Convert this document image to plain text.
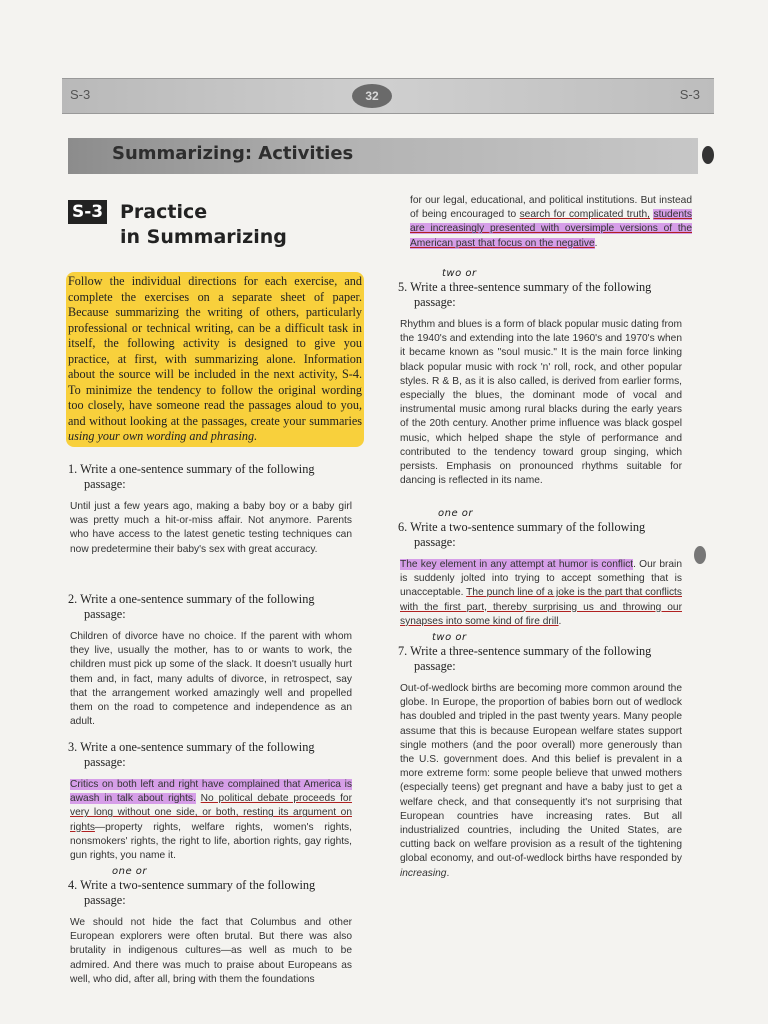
S-3	S-3
32
Summarizing: Activities
S-3 Practice
in Summarizing
Follow the individual directions for each exercise, and complete the exercises on a separate sheet of paper. Because summarizing the writing of others, particularly professional or technical writing, can be a difficult task in itself, the following activity is designed to give you practice, at first, with summarizing alone. Information about the source will be included in the next activity, S-4. To minimize the tendency to follow the original wording too closely, have someone read the passages aloud to you, and without looking at the passages, create your summaries using your own wording and phrasing.

1. Write a one-sentence summary of the following passage:

Until just a few years ago, making a baby boy or a baby girl was pretty much a hit-or-miss affair. Not anymore. Parents who have access to the latest genetic testing techniques can now predetermine their baby's sex with great accuracy.

2. Write a one-sentence summary of the following passage:

Children of divorce have no choice. If the parent with whom they live, usually the mother, has to or wants to work, the children must pick up some of the slack. It doesn't usually hurt them and, in fact, many adults of divorce, in retrospect, say that the arrangement worked amazingly well and propelled them on the road to competence and independence as an adult.

3. Write a one-sentence summary of the following passage:

Critics on both left and right have complained that America is awash in talk about rights. No political debate proceeds for very long without one side, or both, resting its argument on rights—property rights, welfare rights, women's rights, nonsmokers' rights, the right to life, abortion rights, gay rights, gun rights, you name it.

one or

4. Write a two-sentence summary of the following passage:

We should not hide the fact that Columbus and other European explorers were often brutal. But there was also brutality in indigenous cultures—as well as much to be admired. And there was much to praise about Europeans as well, who did, after all, bring with them the foundations

for our legal, educational, and political institutions. But instead of being encouraged to search for complicated truth, students are increasingly presented with oversimple versions of the American past that focus on the negative.

two or

5. Write a three-sentence summary of the following passage:

Rhythm and blues is a form of black popular music dating from the 1940's and extending into the late 1960's and 1970's when it became known as "soul music." It is the main force linking black popular music with rock 'n' roll, rock, and other popular styles. R & B, as it is also called, is derived from earlier forms, especially the blues, the dominant mode of vocal and instrumental music among rural blacks during the early years of the 20th century. Another prime influence was black gospel music, which helped shape the style of performance and contributed to the tendency toward group singing, which persists. Emphasis on pronounced rhythms suitable for dancing is reflected in its name.

one or

6. Write a two-sentence summary of the following passage:

The key element in any attempt at humor is conflict. Our brain is suddenly jolted into trying to accept something that is unacceptable. The punch line of a joke is the part that conflicts with the first part, thereby surprising us and throwing our synapses into some kind of fire drill.

two or

7. Write a three-sentence summary of the following passage:

Out-of-wedlock births are becoming more common around the globe. In Europe, the proportion of babies born out of wedlock has doubled and tripled in the past twenty years. Many people assume that this is because European welfare states support single mothers (and the poor overall) more generously than the U.S. government does. And this belief is prevalent in a more extreme form: some people believe that unwed mothers (especially teens) get pregnant and have a baby just to get a welfare check, and that consequently it's not surprising that European countries have increasing rates. But all industrialized countries, including the United States, are cutting back on welfare provision as a result of the tightening global economy, and out-of-wedlock births have responded by increasing.
